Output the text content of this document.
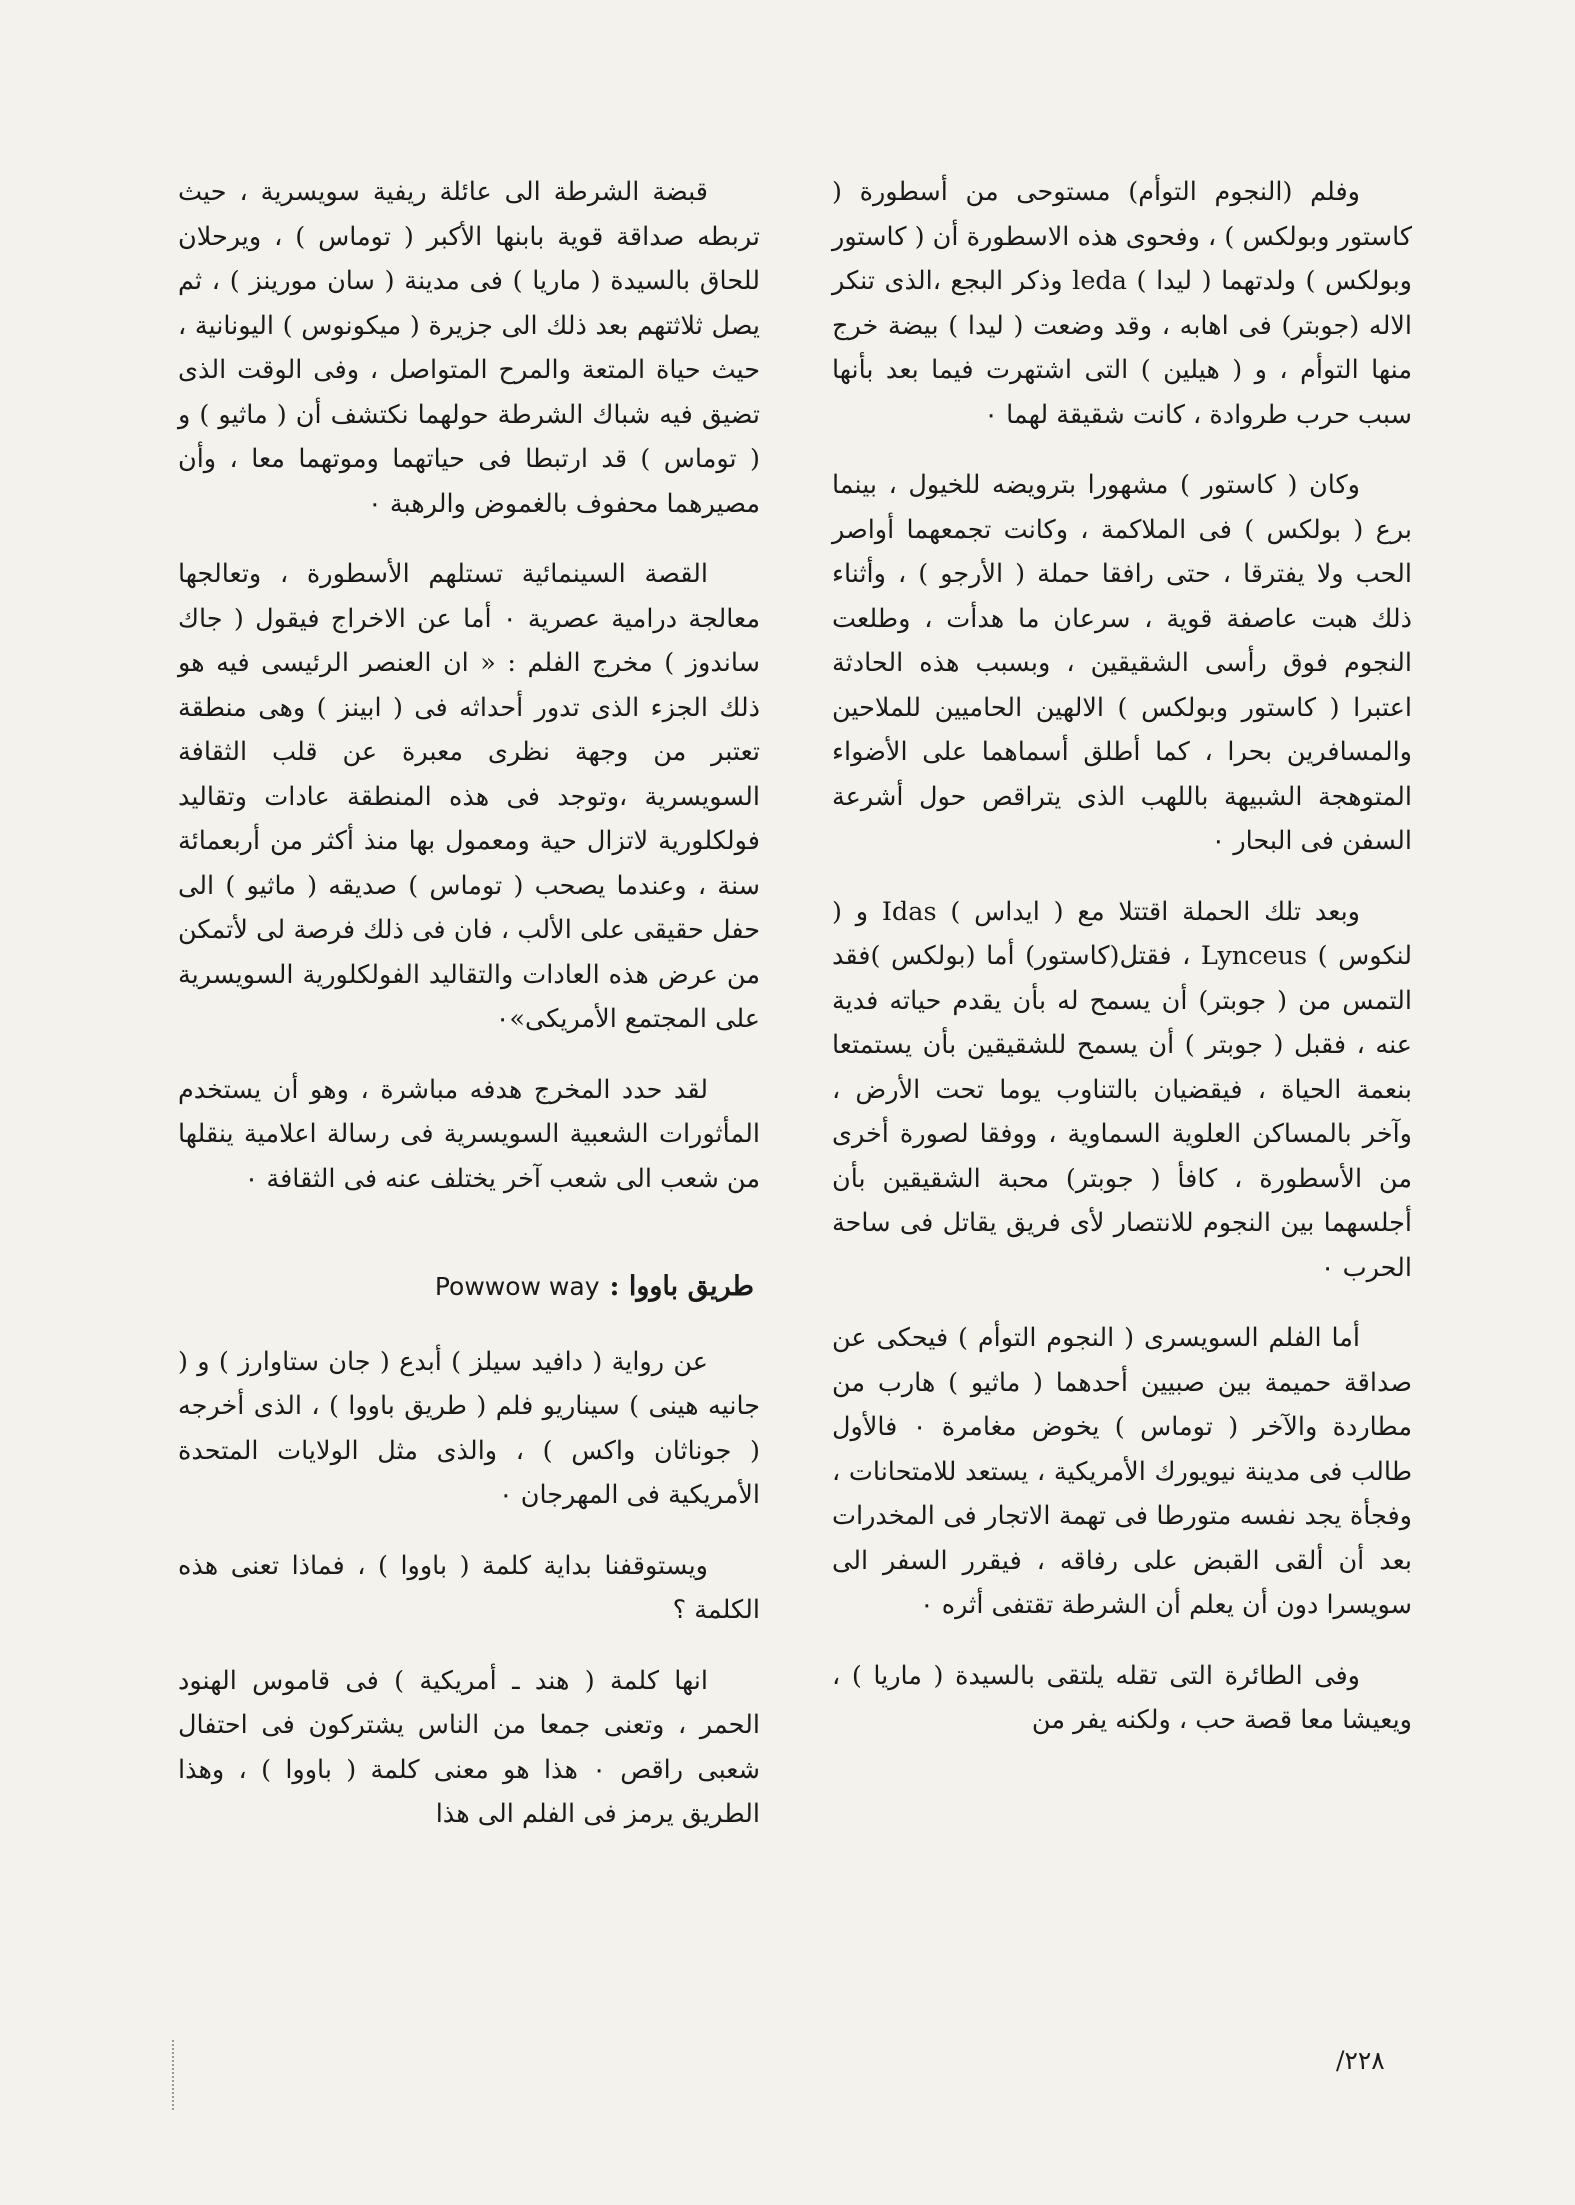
وفلم (النجوم التوأم) مستوحى من أسطورة ( كاستور وبولكس ) ، وفحوى هذه الاسطورة أن ( كاستور وبولكس ) ولدتهما ( ليدا ) leda وذكر البجع ،الذى تنكر الاله (جوبتر) فى اهابه ، وقد وضعت ( ليدا ) بيضة خرج منها التوأم ، و ( هيلين ) التى اشتهرت فيما بعد بأنها سبب حرب طروادة ، كانت شقيقة لهما ٠

وكان ( كاستور ) مشهورا بترويضه للخيول ، بينما برع ( بولكس ) فى الملاكمة ، وكانت تجمعهما أواصر الحب ولا يفترقا ، حتى رافقا حملة ( الأرجو ) ، وأثناء ذلك هبت عاصفة قوية ، سرعان ما هدأت ، وطلعت النجوم فوق رأسى الشقيقين ، وبسبب هذه الحادثة اعتبرا ( كاستور وبولكس ) الالهين الحاميين للملاحين والمسافرين بحرا ، كما أطلق أسماهما على الأضواء المتوهجة الشبيهة باللهب الذى يتراقص حول أشرعة السفن فى البحار ٠

وبعد تلك الحملة اقتتلا مع ( ايداس ) Idas و ( لنكوس ) Lynceus ، فقتل(كاستور) أما (بولكس )فقد التمس من ( جوبتر) أن يسمح له بأن يقدم حياته فدية عنه ، فقبل ( جوبتر ) أن يسمح للشقيقين بأن يستمتعا بنعمة الحياة ، فيقضيان بالتناوب يوما تحت الأرض ، وآخر بالمساكن العلوية السماوية ، ووفقا لصورة أخرى من الأسطورة ، كافأ ( جوبتر) محبة الشقيقين بأن أجلسهما بين النجوم للانتصار لأى فريق يقاتل فى ساحة الحرب ٠

أما الفلم السويسرى ( النجوم التوأم ) فيحكى عن صداقة حميمة بين صبيين أحدهما ( ماثيو ) هارب من مطاردة والآخر ( توماس ) يخوض مغامرة ٠ فالأول طالب فى مدينة نيويورك الأمريكية ، يستعد للامتحانات ، وفجأة يجد نفسه متورطا فى تهمة الاتجار فى المخدرات بعد أن ألقى القبض على رفاقه ، فيقرر السفر الى سويسرا دون أن يعلم أن الشرطة تقتفى أثره ٠

وفى الطائرة التى تقله يلتقى بالسيدة ( ماريا ) ، ويعيشا معا قصة حب ، ولكنه يفر من

قبضة الشرطة الى عائلة ريفية سويسرية ، حيث تربطه صداقة قوية بابنها الأكبر ( توماس ) ، ويرحلان للحاق بالسيدة ( ماريا ) فى مدينة ( سان مورينز ) ، ثم يصل ثلاثتهم بعد ذلك الى جزيرة ( ميكونوس ) اليونانية ، حيث حياة المتعة والمرح المتواصل ، وفى الوقت الذى تضيق فيه شباك الشرطة حولهما نكتشف أن ( ماثيو ) و ( توماس ) قد ارتبطا فى حياتهما وموتهما معا ، وأن مصيرهما محفوف بالغموض والرهبة ٠

القصة السينمائية تستلهم الأسطورة ، وتعالجها معالجة درامية عصرية ٠ أما عن الاخراج فيقول ( جاك ساندوز ) مخرج الفلم : « ان العنصر الرئيسى فيه هو ذلك الجزء الذى تدور أحداثه فى ( ابينز ) وهى منطقة تعتبر من وجهة نظرى معبرة عن قلب الثقافة السويسرية ،وتوجد فى هذه المنطقة عادات وتقاليد فولكلورية لاتزال حية ومعمول بها منذ أكثر من أربعمائة سنة ، وعندما يصحب ( توماس ) صديقه ( ماثيو ) الى حفل حقيقى على الألب ، فان فى ذلك فرصة لى لأتمكن من عرض هذه العادات والتقاليد الفولكلورية السويسرية على المجتمع الأمريكى»٠

لقد حدد المخرج هدفه مباشرة ، وهو أن يستخدم المأثورات الشعبية السويسرية فى رسالة اعلامية ينقلها من شعب الى شعب آخر يختلف عنه فى الثقافة ٠

طريق باووا :Powwow way

عن رواية ( دافيد سيلز ) أبدع ( جان ستاوارز ) و ( جانيه هينى ) سيناريو فلم ( طريق باووا ) ، الذى أخرجه ( جوناثان واكس ) ، والذى مثل الولايات المتحدة الأمريكية فى المهرجان ٠

ويستوقفنا بداية كلمة ( باووا ) ، فماذا تعنى هذه الكلمة ؟

انها كلمة ( هند ـ أمريكية ) فى قاموس الهنود الحمر ، وتعنى جمعا من الناس يشتركون فى احتفال شعبى راقص ٠ هذا هو معنى كلمة ( باووا ) ، وهذا الطريق يرمز فى الفلم الى هذا

٢٢٨/
